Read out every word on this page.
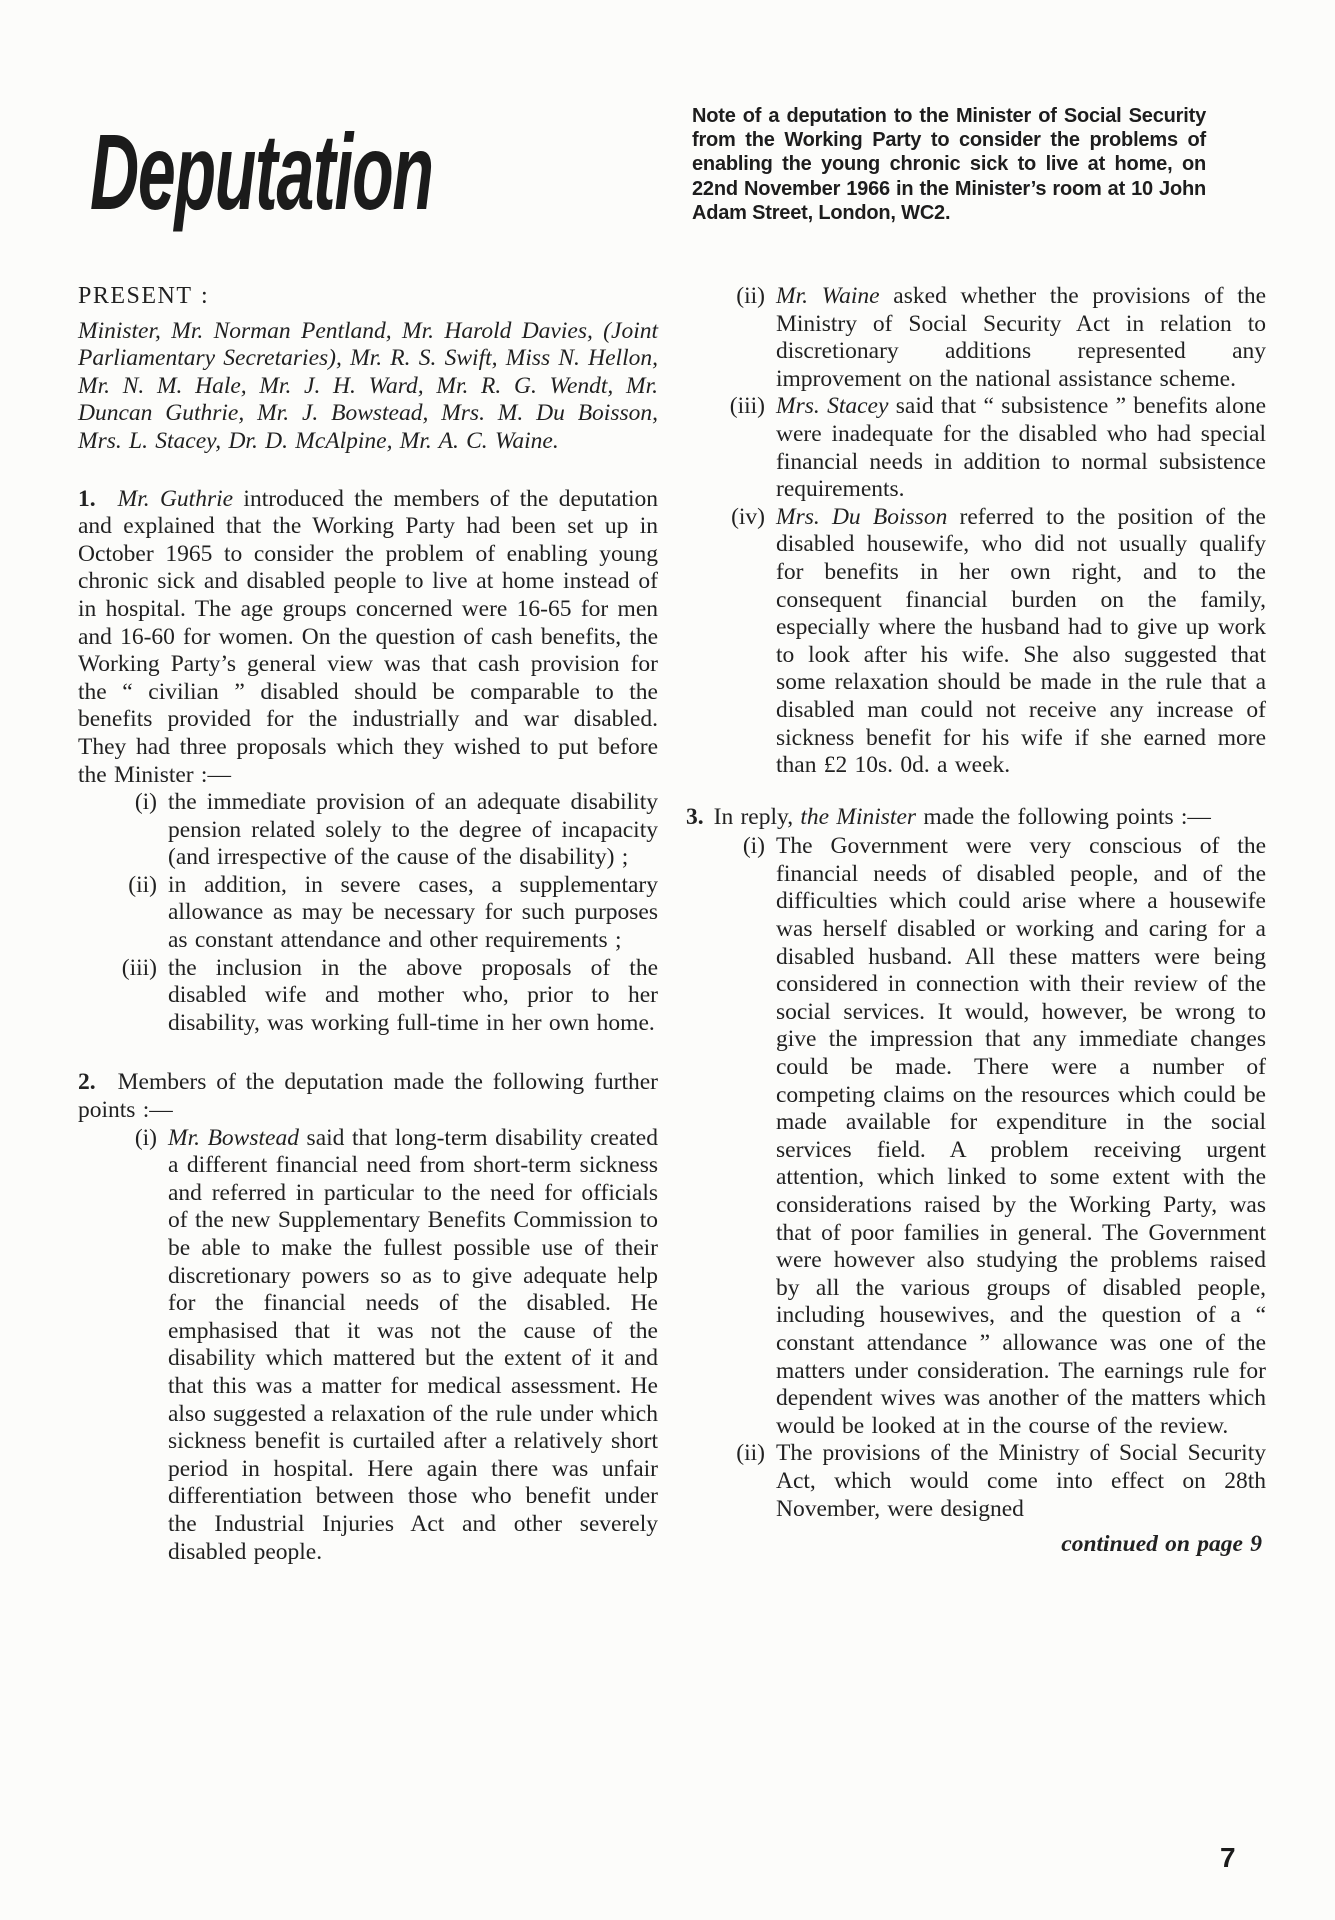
Deputation	Note of a deputation to the Minister of Social Security from the Working Party to consider the problems of enabling the young chronic sick to live at home, on 22nd November 1966 in the Minister’s room at 10 John Adam Street, London, WC2.
PRESENT :
Minister, Mr. Norman Pentland, Mr. Harold Davies, (Joint Parliamentary Secretaries), Mr. R. S. Swift, Miss N. Hellon, Mr. N. M. Hale, Mr. J. H. Ward, Mr. R. G. Wendt, Mr. Duncan Guthrie, Mr. J. Bowstead, Mrs. M. Du Boisson, Mrs. L. Stacey, Dr. D. McAlpine, Mr. A. C. Waine.

1. Mr. Guthrie introduced the members of the deputation and explained that the Working Party had been set up in October 1965 to consider the problem of enabling young chronic sick and disabled people to live at home instead of in hospital. The age groups concerned were 16-65 for men and 16-60 for women. On the question of cash benefits, the Working Party’s general view was that cash provision for the “ civilian ” disabled should be comparable to the benefits provided for the industrially and war disabled. They had three proposals which they wished to put before the Minister :—

(i) the immediate provision of an adequate disability pension related solely to the degree of incapacity (and irrespective of the cause of the disability) ;
(ii) in addition, in severe cases, a supplementary allowance as may be necessary for such purposes as constant attendance and other requirements ;
(iii) the inclusion in the above proposals of the disabled wife and mother who, prior to her disability, was working full-time in her own home.

2. Members of the deputation made the following further points :—

(i) Mr. Bowstead said that long-term disability created a different financial need from short-term sickness and referred in particular to the need for officials of the new Supplementary Benefits Commission to be able to make the fullest possible use of their discretionary powers so as to give adequate help for the financial needs of the disabled. He emphasised that it was not the cause of the disability which mattered but the extent of it and that this was a matter for medical assessment. He also suggested a relaxation of the rule under which sickness benefit is curtailed after a relatively short period in hospital. Here again there was unfair differentiation between those who benefit under the Industrial Injuries Act and other severely disabled people.
(ii) Mr. Waine asked whether the provisions of the Ministry of Social Security Act in relation to discretionary additions represented any improvement on the national assistance scheme.
(iii) Mrs. Stacey said that “ subsistence ” benefits alone were inadequate for the disabled who had special financial needs in addition to normal subsistence requirements.
(iv) Mrs. Du Boisson referred to the position of the disabled housewife, who did not usually qualify for benefits in her own right, and to the consequent financial burden on the family, especially where the husband had to give up work to look after his wife. She also suggested that some relaxation should be made in the rule that a disabled man could not receive any increase of sickness benefit for his wife if she earned more than £2 10s. 0d. a week.

3. In reply, the Minister made the following points :—

(i) The Government were very conscious of the financial needs of disabled people, and of the difficulties which could arise where a housewife was herself disabled or working and caring for a disabled husband. All these matters were being considered in connection with their review of the social services. It would, however, be wrong to give the impression that any immediate changes could be made. There were a number of competing claims on the resources which could be made available for expenditure in the social services field. A problem receiving urgent attention, which linked to some extent with the considerations raised by the Working Party, was that of poor families in general. The Government were however also studying the problems raised by all the various groups of disabled people, including housewives, and the question of a “ constant attendance ” allowance was one of the matters under consideration. The earnings rule for dependent wives was another of the matters which would be looked at in the course of the review.
(ii) The provisions of the Ministry of Social Security Act, which would come into effect on 28th November, were designed
continued on page 9
7
